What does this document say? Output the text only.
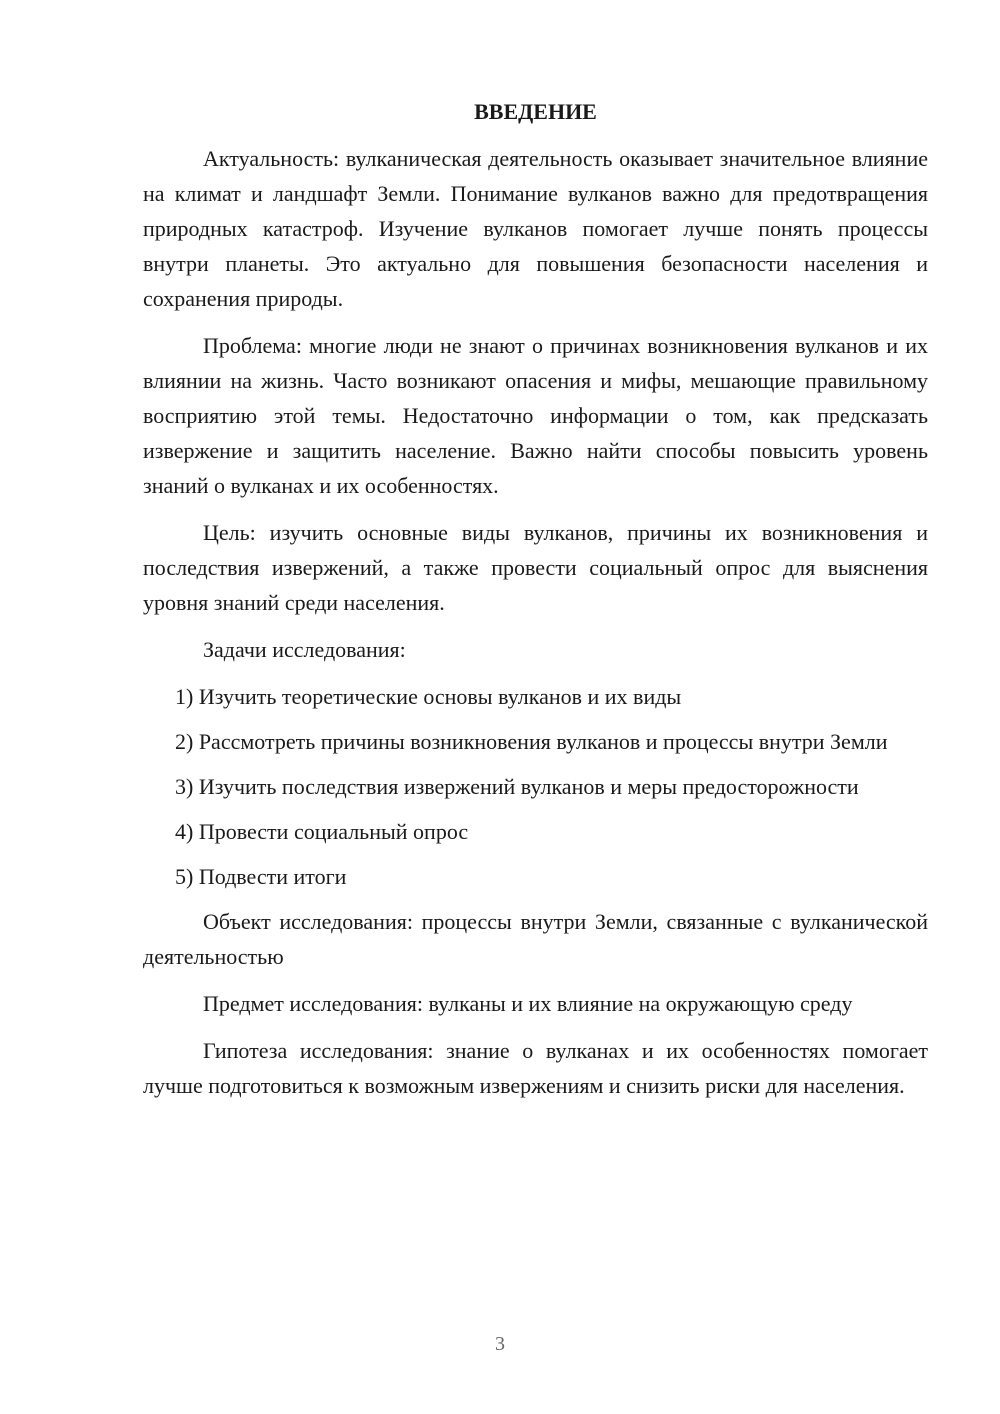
ВВЕДЕНИЕ

Актуальность: вулканическая деятельность оказывает значительное влияние на климат и ландшафт Земли. Понимание вулканов важно для предотвращения природных катастроф. Изучение вулканов помогает лучше понять процессы внутри планеты. Это актуально для повышения безопасности населения и сохранения природы.

Проблема: многие люди не знают о причинах возникновения вулканов и их влиянии на жизнь. Часто возникают опасения и мифы, мешающие правильному восприятию этой темы. Недостаточно информации о том, как предсказать извержение и защитить население. Важно найти способы повысить уровень знаний о вулканах и их особенностях.

Цель: изучить основные виды вулканов, причины их возникновения и последствия извержений, а также провести социальный опрос для выяснения уровня знаний среди населения.

Задачи исследования:

1) Изучить теоретические основы вулканов и их виды

2) Рассмотреть причины возникновения вулканов и процессы внутри Земли

3) Изучить последствия извержений вулканов и меры предосторожности

4) Провести социальный опрос

5) Подвести итоги

Объект исследования: процессы внутри Земли, связанные с вулканической деятельностью

Предмет исследования: вулканы и их влияние на окружающую среду

Гипотеза исследования: знание о вулканах и их особенностях помогает лучше подготовиться к возможным извержениям и снизить риски для населения.

3
